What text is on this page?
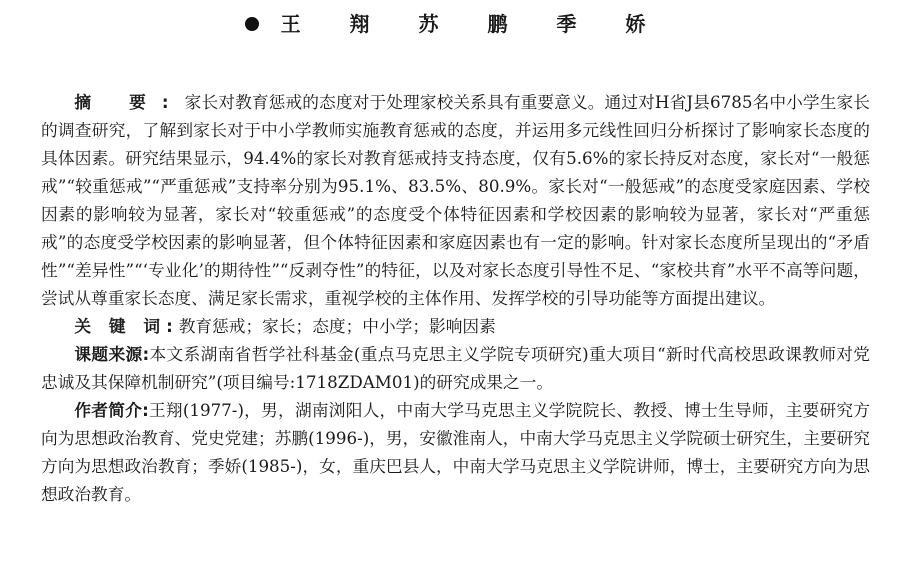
王 翔 苏 鹏 季 娇

摘 要:家长对教育惩戒的态度对于处理家校关系具有重要意义。通过对H省J县6785名中小学生家长的调查研究，了解到家长对于中小学教师实施教育惩戒的态度，并运用多元线性回归分析探讨了影响家长态度的具体因素。研究结果显示，94.4%的家长对教育惩戒持支持态度，仅有5.6%的家长持反对态度，家长对“一般惩戒”“较重惩戒”“严重惩戒”支持率分别为95.1%、83.5%、80.9%。家长对“一般惩戒”的态度受家庭因素、学校因素的影响较为显著，家长对“较重惩戒”的态度受个体特征因素和学校因素的影响较为显著，家长对“严重惩戒”的态度受学校因素的影响显著，但个体特征因素和家庭因素也有一定的影响。针对家长态度所呈现出的“矛盾性”“差异性”“‘专业化’的期待性”“反剥夺性”的特征，以及对家长态度引导性不足、“家校共育”水平不高等问题，尝试从尊重家长态度、满足家长需求，重视学校的主体作用、发挥学校的引导功能等方面提出建议。

关 键 词:教育惩戒；家长；态度；中小学；影响因素

课题来源:本文系湖南省哲学社科基金(重点马克思主义学院专项研究)重大项目“新时代高校思政课教师对党忠诚及其保障机制研究”(项目编号:1718ZDAM01)的研究成果之一。

作者简介:王翔(1977-)，男，湖南浏阳人，中南大学马克思主义学院院长、教授、博士生导师，主要研究方向为思想政治教育、党史党建；苏鹏(1996-)，男，安徽淮南人，中南大学马克思主义学院硕士研究生，主要研究方向为思想政治教育；季娇(1985-)，女，重庆巴县人，中南大学马克思主义学院讲师，博士，主要研究方向为思想政治教育。
